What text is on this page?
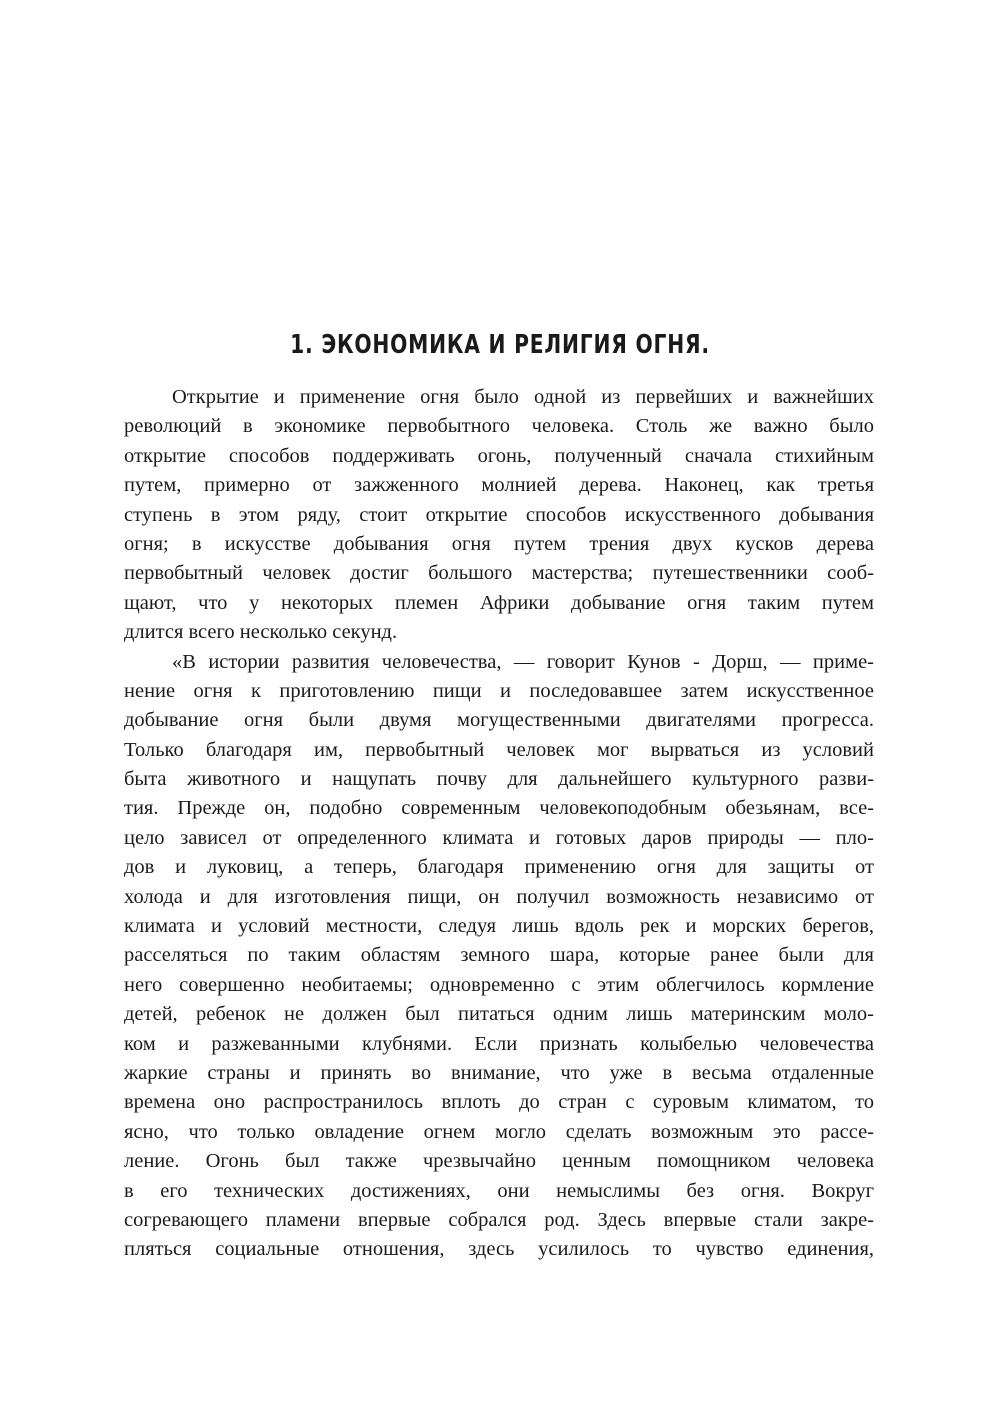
1. ЭКОНОМИКА И РЕЛИГИЯ ОГНЯ.
Открытие и применение огня было одной из первейших и важнейших
революций в экономике первобытного человека. Столь же важно было
открытие способов поддерживать огонь, полученный сначала стихийным
путем, примерно от зажженного молнией дерева. Наконец, как третья
ступень в этом ряду, стоит открытие способов искусственного добывания
огня; в искусстве добывания огня путем трения двух кусков дерева
первобытный человек достиг большого мастерства; путешественники сооб-
щают, что у некоторых племен Африки добывание огня таким путем
длится всего несколько секунд.
«В истории развития человечества, — говорит Кунов - Дорш, — приме-
нение огня к приготовлению пищи и последовавшее затем искусственное
добывание огня были двумя могущественными двигателями прогресса.
Только благодаря им, первобытный человек мог вырваться из условий
быта животного и нащупать почву для дальнейшего культурного разви-
тия. Прежде он, подобно современным человекоподобным обезьянам, все-
цело зависел от определенного климата и готовых даров природы — пло-
дов и луковиц, а теперь, благодаря применению огня для защиты от
холода и для изготовления пищи, он получил возможность независимо от
климата и условий местности, следуя лишь вдоль рек и морских берегов,
расселяться по таким областям земного шара, которые ранее были для
него совершенно необитаемы; одновременно с этим облегчилось кормление
детей, ребенок не должен был питаться одним лишь материнским моло-
ком и разжеванными клубнями. Если признать колыбелью человечества
жаркие страны и принять во внимание, что уже в весьма отдаленные
времена оно распространилось вплоть до стран с суровым климатом, то
ясно, что только овладение огнем могло сделать возможным это рассе-
ление. Огонь был также чрезвычайно ценным помощником человека
в его технических достижениях, они немыслимы без огня. Вокруг
согревающего пламени впервые собрался род. Здесь впервые стали закре-
пляться социальные отношения, здесь усилилось то чувство единения,
